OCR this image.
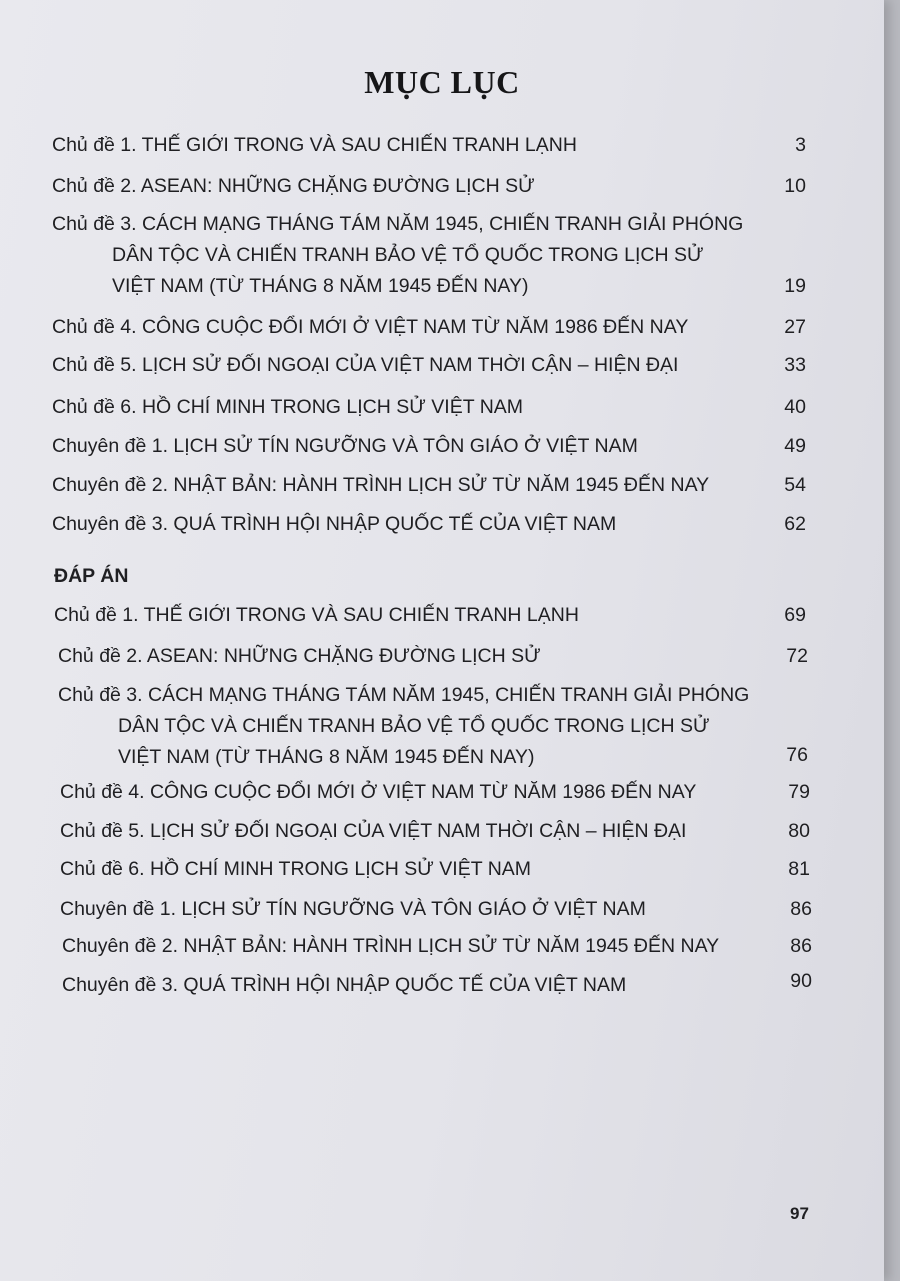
MỤC LỤC
Chủ đề 1. THẾ GIỚI TRONG VÀ SAU CHIẾN TRANH LẠNH	3
Chủ đề 2. ASEAN: NHỮNG CHẶNG ĐƯỜNG LỊCH SỬ	10
Chủ đề 3. CÁCH MẠNG THÁNG TÁM NĂM 1945, CHIẾN TRANH GIẢI PHÓNG
DÂN TỘC VÀ CHIẾN TRANH BẢO VỆ TỔ QUỐC TRONG LỊCH SỬ
VIỆT NAM (TỪ THÁNG 8 NĂM 1945 ĐẾN NAY)	19
Chủ đề 4. CÔNG CUỘC ĐỔI MỚI Ở VIỆT NAM TỪ NĂM 1986 ĐẾN NAY	27
Chủ đề 5. LỊCH SỬ ĐỐI NGOẠI CỦA VIỆT NAM THỜI CẬN – HIỆN ĐẠI	33
Chủ đề 6. HỒ CHÍ MINH TRONG LỊCH SỬ VIỆT NAM	40
Chuyên đề 1. LỊCH SỬ TÍN NGƯỠNG VÀ TÔN GIÁO Ở VIỆT NAM	49
Chuyên đề 2. NHẬT BẢN: HÀNH TRÌNH LỊCH SỬ TỪ NĂM 1945 ĐẾN NAY	54
Chuyên đề 3. QUÁ TRÌNH HỘI NHẬP QUỐC TẾ CỦA VIỆT NAM	62
ĐÁP ÁN
Chủ đề 1. THẾ GIỚI TRONG VÀ SAU CHIẾN TRANH LẠNH	69
Chủ đề 2. ASEAN: NHỮNG CHẶNG ĐƯỜNG LỊCH SỬ	72
Chủ đề 3. CÁCH MẠNG THÁNG TÁM NĂM 1945, CHIẾN TRANH GIẢI PHÓNG
DÂN TỘC VÀ CHIẾN TRANH BẢO VỆ TỔ QUỐC TRONG LỊCH SỬ
VIỆT NAM (TỪ THÁNG 8 NĂM 1945 ĐẾN NAY)	76
Chủ đề 4. CÔNG CUỘC ĐỔI MỚI Ở VIỆT NAM TỪ NĂM 1986 ĐẾN NAY	79
Chủ đề 5. LỊCH SỬ ĐỐI NGOẠI CỦA VIỆT NAM THỜI CẬN – HIỆN ĐẠI	80
Chủ đề 6. HỒ CHÍ MINH TRONG LỊCH SỬ VIỆT NAM	81
Chuyên đề 1. LỊCH SỬ TÍN NGƯỠNG VÀ TÔN GIÁO Ở VIỆT NAM	86
Chuyên đề 2. NHẬT BẢN: HÀNH TRÌNH LỊCH SỬ TỪ NĂM 1945 ĐẾN NAY	86
Chuyên đề 3. QUÁ TRÌNH HỘI NHẬP QUỐC TẾ CỦA VIỆT NAM	90
97
